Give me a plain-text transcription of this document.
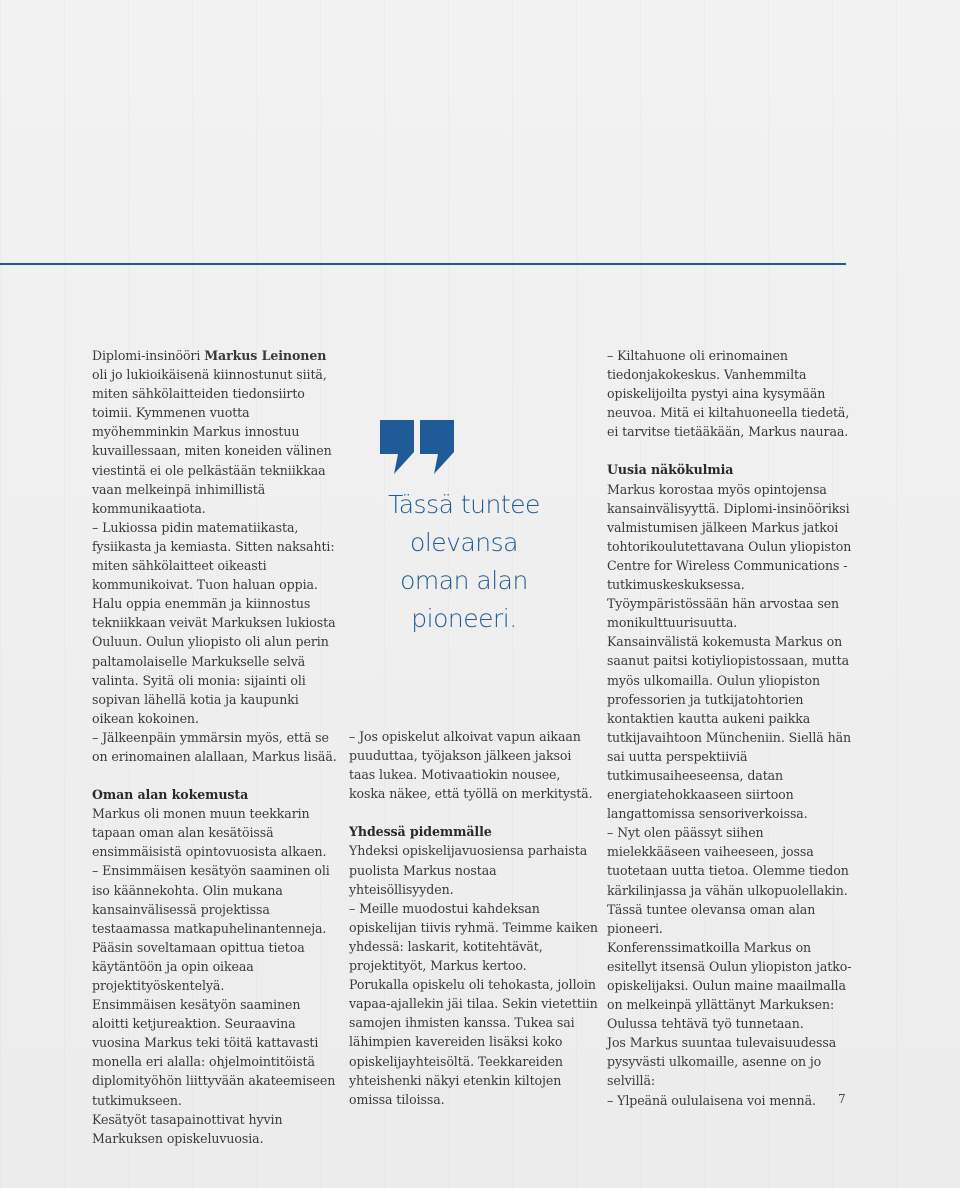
Diplomi-insinööri Markus Leinonen oli jo lukioikäisenä kiinnostunut siitä, miten sähkölaitteiden tiedonsiirto toimii. Kymmenen vuotta myöhemminkin Markus innostuu kuvaillessaan, miten koneiden välinen viestintä ei ole pelkästään tekniikkaa vaan melkeinpä inhimillistä kommunikaatiota.

– Lukiossa pidin matematiikasta, fysiikasta ja kemiasta. Sitten naksahti: miten sähkölaitteet oikeasti kommunikoivat. Tuon haluan oppia.

Halu oppia enemmän ja kiinnostus tekniikkaan veivät Markuksen lukiosta Ouluun. Oulun yliopisto oli alun perin paltamolaiselle Markukselle selvä valinta. Syitä oli monia: sijainti oli sopivan lähellä kotia ja kaupunki oikean kokoinen.

– Jälkeenpäin ymmärsin myös, että se on erinomainen alallaan, Markus lisää.

Oman alan kokemusta

Markus oli monen muun teekkarin tapaan oman alan kesätöissä ensimmäisistä opintovuosista alkaen.

– Ensimmäisen kesätyön saaminen oli iso käännekohta. Olin mukana kansainvälisessä projektissa testaamassa matkapuhelinantenneja. Pääsin soveltamaan opittua tietoa käytäntöön ja opin oikeaa projektityöskentelyä.

Ensimmäisen kesätyön saaminen aloitti ketjureaktion. Seuraavina vuosina Markus teki töitä kattavasti monella eri alalla: ohjelmointitöistä diplomityöhön liittyvään akateemiseen tutkimukseen.

Kesätyöt tasapainottivat hyvin Markuksen opiskeluvuosia.

Tässä tuntee
olevansa
oman alan
pioneeri.

– Jos opiskelut alkoivat vapun aikaan puuduttaa, työjakson jälkeen jaksoi taas lukea. Motivaatiokin nousee, koska näkee, että työllä on merkitystä.

Yhdessä pidemmälle

Yhdeksi opiskelijavuosiensa parhaista puolista Markus nostaa yhteisöllisyyden.

– Meille muodostui kahdeksan opiskelijan tiivis ryhmä. Teimme kaiken yhdessä: laskarit, kotitehtävät, projektityöt, Markus kertoo.

Porukalla opiskelu oli tehokasta, jolloin vapaa-ajallekin jäi tilaa. Sekin vietettiin samojen ihmisten kanssa. Tukea sai lähimpien kavereiden lisäksi koko opiskelijayhteisöltä. Teekkareiden yhteishenki näkyi etenkin kiltojen omissa tiloissa.

– Kiltahuone oli erinomainen tiedonjakokeskus. Vanhemmilta opiskelijoilta pystyi aina kysymään neuvoa. Mitä ei kiltahuoneella tiedetä, ei tarvitse tietääkään, Markus nauraa.

Uusia näkökulmia

Markus korostaa myös opintojensa kansainvälisyyttä. Diplomi-insinööriksi valmistumisen jälkeen Markus jatkoi tohtorikoulutettavana Oulun yliopiston Centre for Wireless Communications -tutkimuskeskuksessa. Työympäristössään hän arvostaa sen monikulttuurisuutta.

Kansainvälistä kokemusta Markus on saanut paitsi kotiyliopistossaan, mutta myös ulkomailla. Oulun yliopiston professorien ja tutkijatohtorien kontaktien kautta aukeni paikka tutkijavaihtoon Müncheniin. Siellä hän sai uutta perspektiiviä tutkimusaiheeseensa, datan energiatehokkaaseen siirtoon langattomissa sensoriverkoissa.

– Nyt olen päässyt siihen mielekkääseen vaiheeseen, jossa tuotetaan uutta tietoa. Olemme tiedon kärkilinjassa ja vähän ulkopuolellakin. Tässä tuntee olevansa oman alan pioneeri.

Konferenssimatkoilla Markus on esitellyt itsensä Oulun yliopiston jatko-opiskelijaksi. Oulun maine maailmalla on melkeinpä yllättänyt Markuksen: Oulussa tehtävä työ tunnetaan.

Jos Markus suuntaa tulevaisuudessa pysyvästi ulkomaille, asenne on jo selvillä:

– Ylpeänä oululaisena voi mennä.	7
